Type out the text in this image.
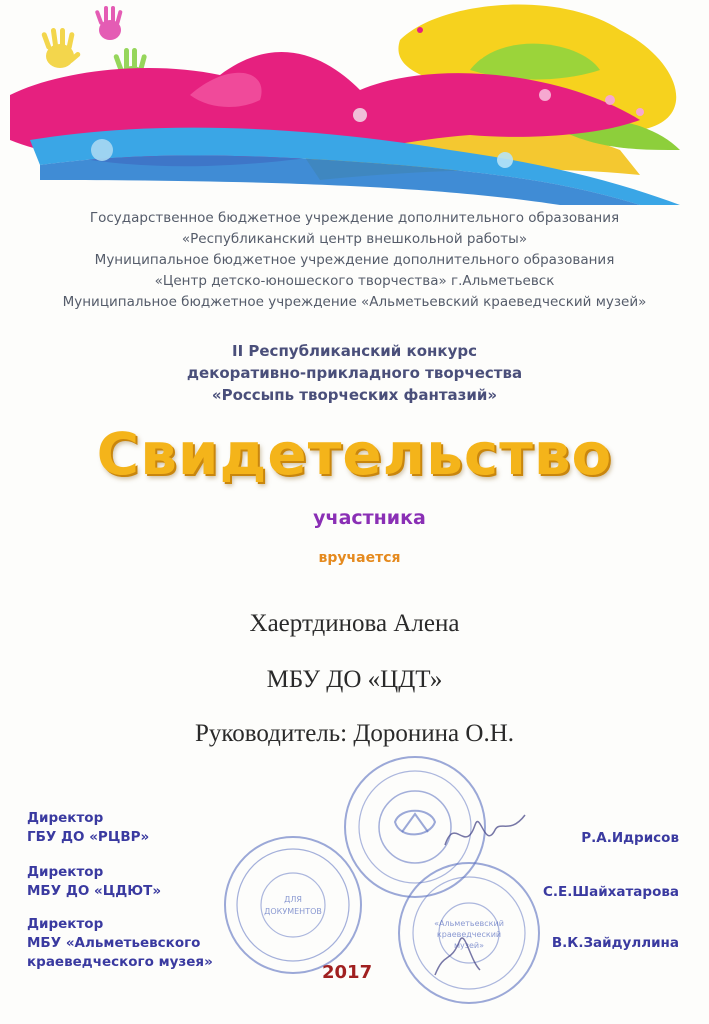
Государственное бюджетное учреждение дополнительного образования
«Республиканский центр внешкольной работы»
Муниципальное бюджетное учреждение дополнительного образования
«Центр детско-юношеского творчества» г.Альметьевск
Муниципальное бюджетное учреждение «Альметьевский краеведческий музей»
II Республиканский конкурс
декоративно-прикладного творчества
«Россыпь творческих фантазий»
Свидетельство
участника
вручается
Хаертдинова Алена
МБУ ДО «ЦДТ»
Руководитель: Доронина О.Н.
ДЛЯ
ДОКУМЕНТОВ
«Альметьевский
краеведческий
музей»
Директор
ГБУ ДО «РЦВР»	Р.А.Идрисов
Директор
МБУ ДО «ЦДЮТ»	С.Е.Шайхатарова
Директор
МБУ «Альметьевского
краеведческого музея»
В.К.Зайдуллина
2017
